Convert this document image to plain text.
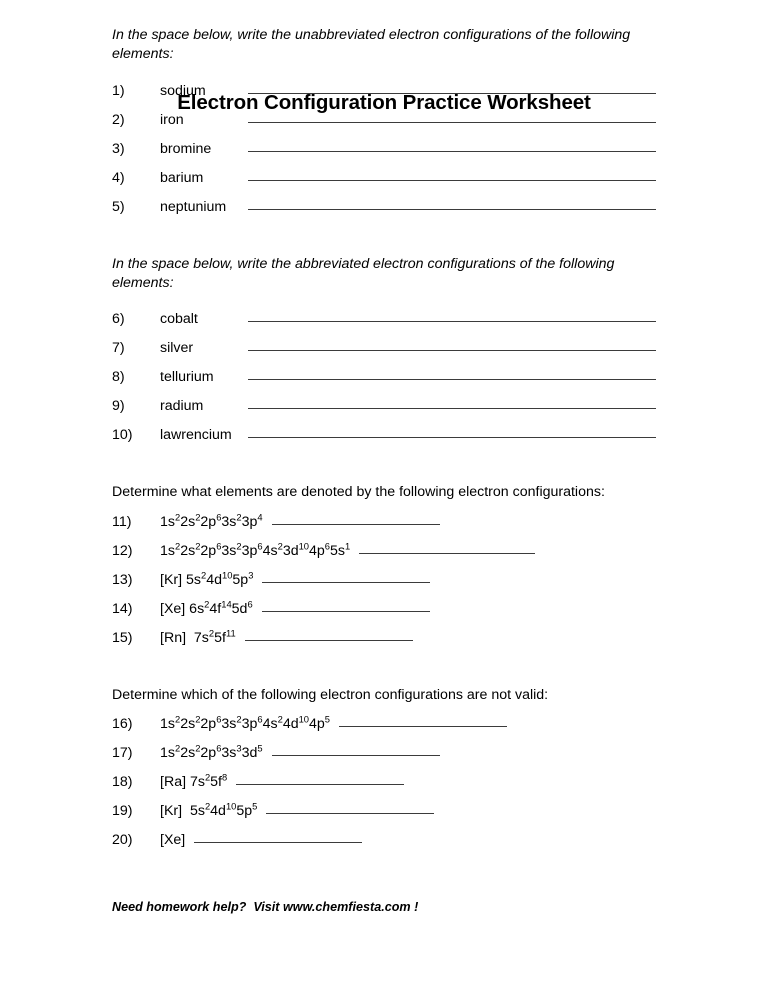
Electron Configuration Practice Worksheet

In the space below, write the unabbreviated electron configurations of the following elements:

1)	sodium
2)	iron
3)	bromine
4)	barium
5)	neptunium

In the space below, write the abbreviated electron configurations of the following elements:

6)	cobalt
7)	silver
8)	tellurium
9)	radium
10)	lawrencium

Determine what elements are denoted by the following electron configurations:

11)	$1s^22s^22p^63s^23p^4$
12)	$1s^22s^22p^63s^23p^64s^23d^{10}4p^65s^1$
13)	[Kr] $5s^24d^{10}5p^3$
14)	[Xe] $6s^24f^{14}5d^6$
15)	[Rn]  $7s^25f^{11}$

Determine which of the following electron configurations are not valid:

16)	$1s^22s^22p^63s^23p^64s^24d^{10}4p^5$
17)	$1s^22s^22p^63s^33d^5$
18)	[Ra] $7s^25f^8$
19)	[Kr]  $5s^24d^{10}5p^5$
20)	[Xe]

Need homework help?  Visit www.chemfiesta.com !
